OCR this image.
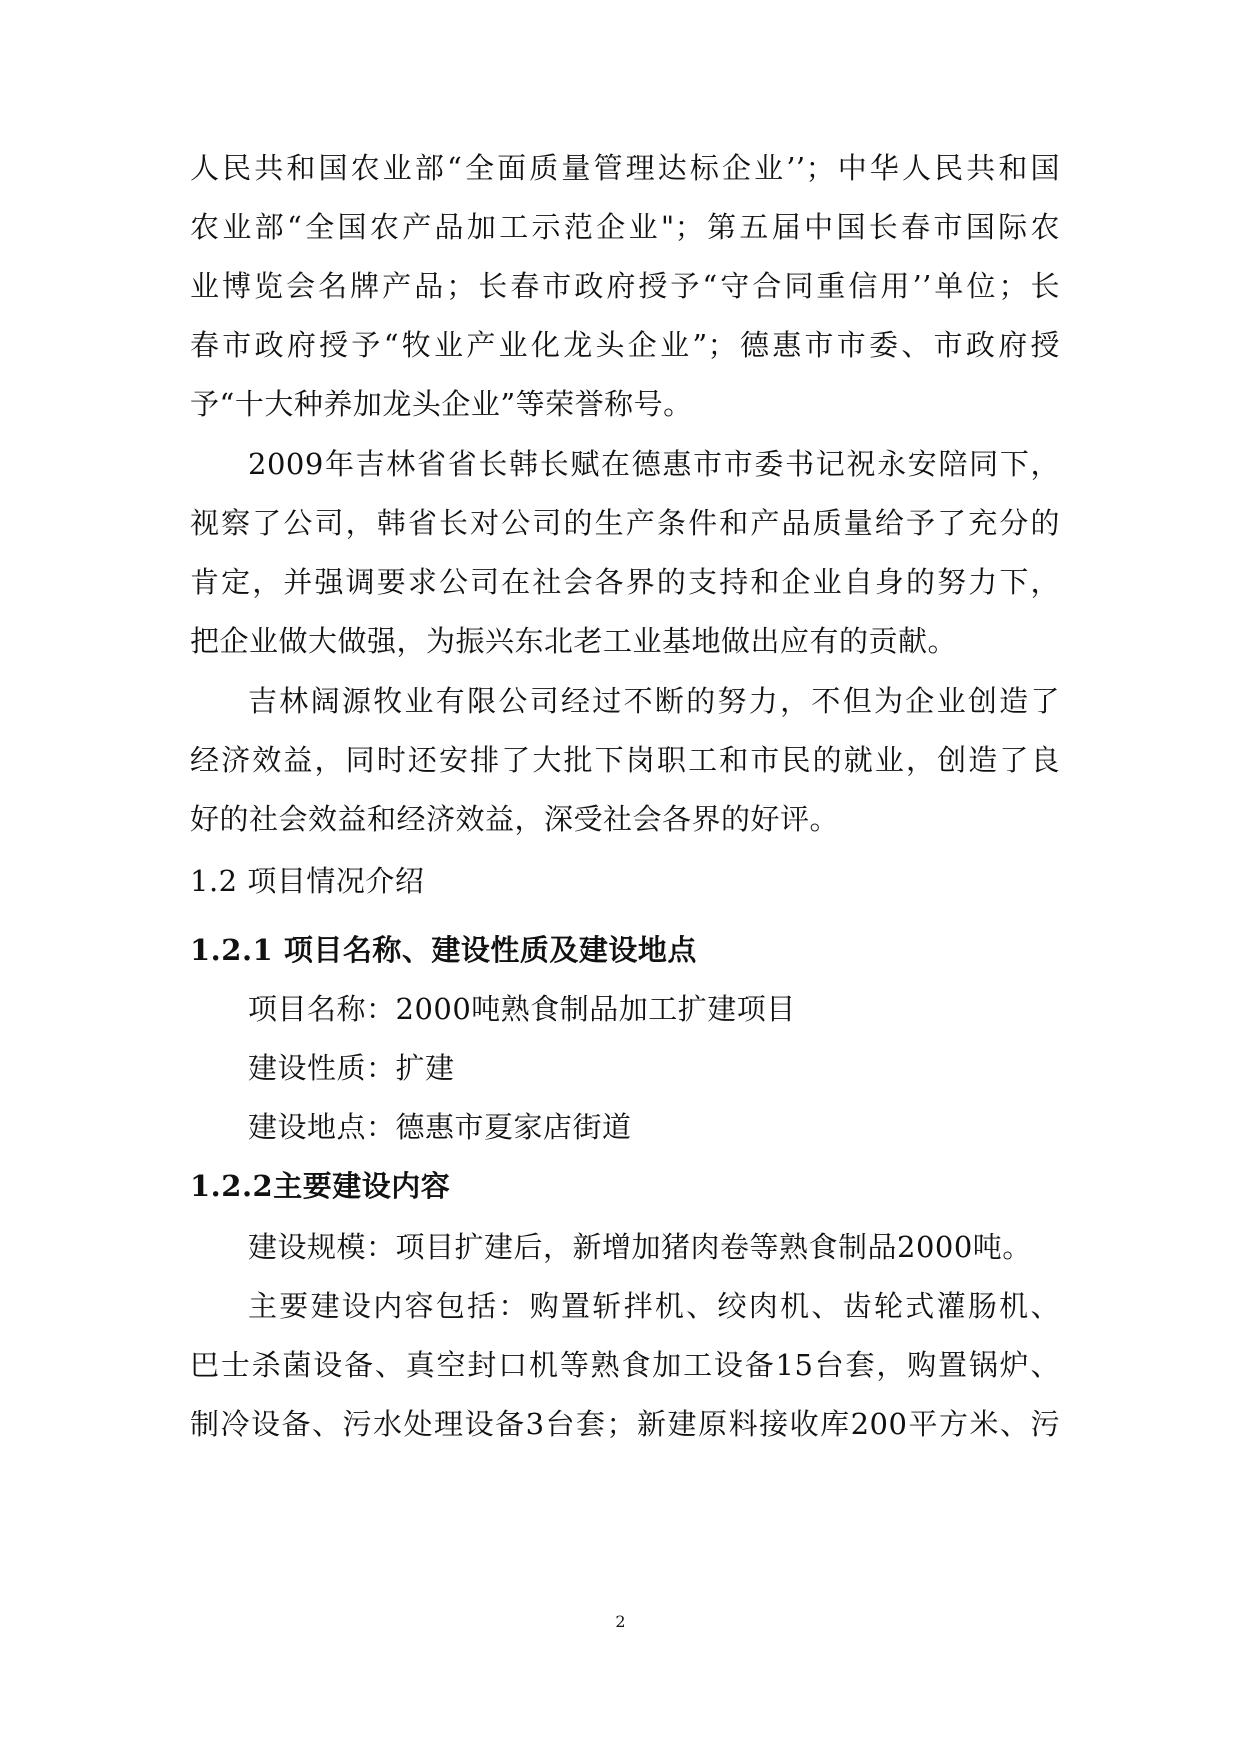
人民共和国农业部“全面质量管理达标企业’’；中华人民共和国
农业部“全国农产品加工示范企业"；第五届中国长春市国际农
业博览会名牌产品；长春市政府授予“守合同重信用’’单位；长
春市政府授予“牧业产业化龙头企业”；德惠市市委、市政府授
予“十大种养加龙头企业”等荣誉称号。
2009年吉林省省长韩长赋在德惠市市委书记祝永安陪同下，
视察了公司，韩省长对公司的生产条件和产品质量给予了充分的
肯定，并强调要求公司在社会各界的支持和企业自身的努力下，
把企业做大做强，为振兴东北老工业基地做出应有的贡献。
吉林阔源牧业有限公司经过不断的努力，不但为企业创造了
经济效益，同时还安排了大批下岗职工和市民的就业，创造了良
好的社会效益和经济效益，深受社会各界的好评。
1.2 项目情况介绍
1.2.1 项目名称、建设性质及建设地点
项目名称：2000吨熟食制品加工扩建项目
建设性质：扩建
建设地点：德惠市夏家店街道
1.2.2主要建设内容
建设规模：项目扩建后，新增加猪肉卷等熟食制品2000吨。
主要建设内容包括：购置斩拌机、绞肉机、齿轮式灌肠机、
巴士杀菌设备、真空封口机等熟食加工设备15台套，购置锅炉、
制冷设备、污水处理设备3台套；新建原料接收库200平方米、污
2
